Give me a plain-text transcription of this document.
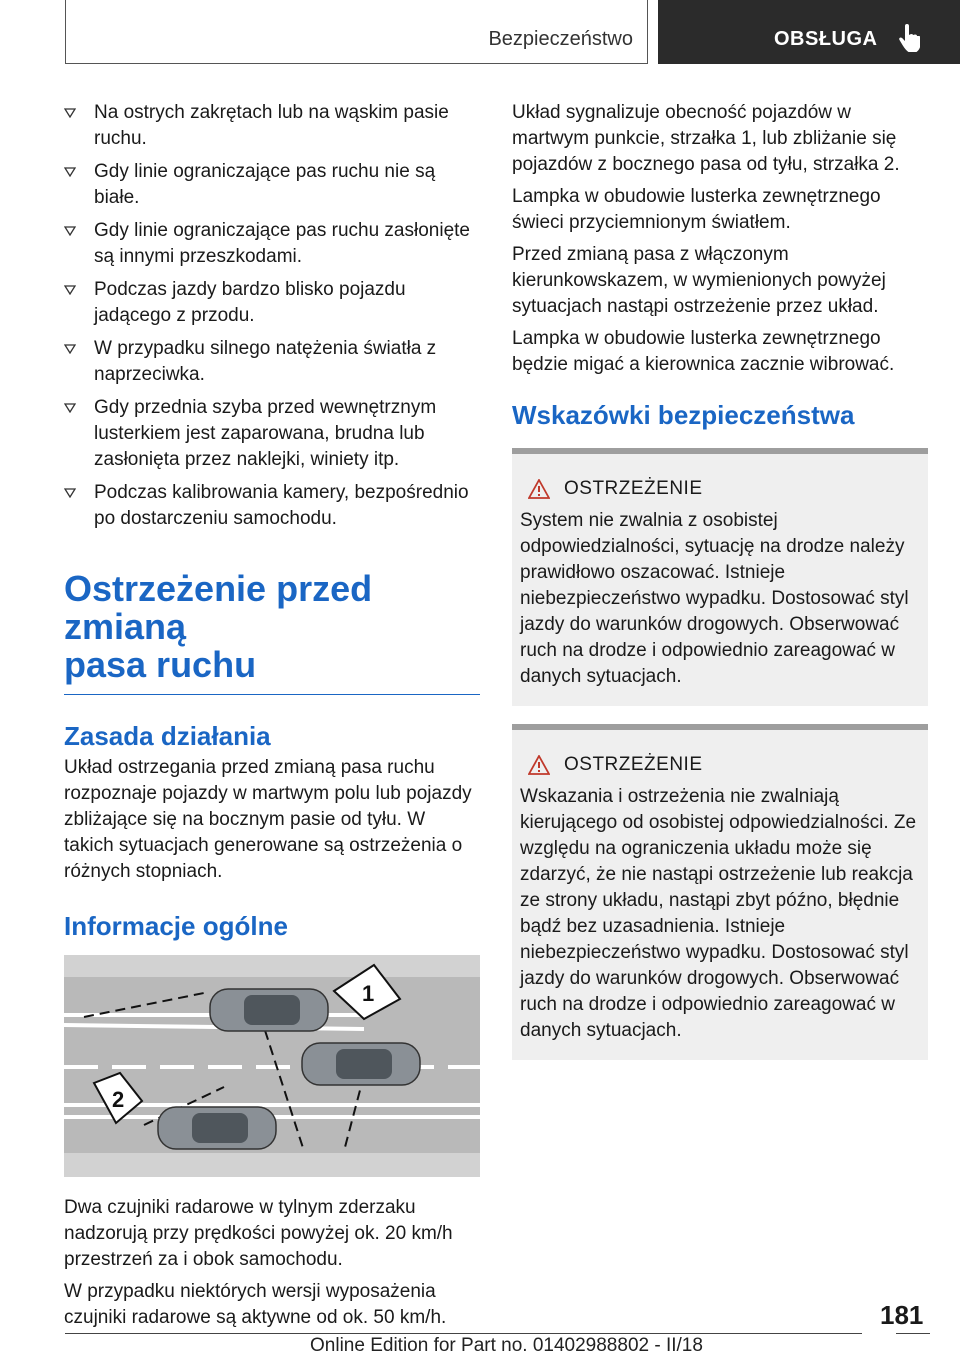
Bezpieczeństwo	OBSŁUGA
Na ostrych zakrętach lub na wąskim pasie ruchu.
Gdy linie ograniczające pas ruchu nie są białe.
Gdy linie ograniczające pas ruchu zasłonięte są innymi przeszkodami.
Podczas jazdy bardzo blisko pojazdu jadącego z przodu.
W przypadku silnego natężenia światła z naprzeciwka.
Gdy przednia szyba przed wewnętrznym lusterkiem jest zaparowana, brudna lub zasłonięta przez naklejki, winiety itp.
Podczas kalibrowania kamery, bezpośrednio po dostarczeniu samochodu.
Ostrzeżenie przed zmianą
pasa ruchu
Zasada działania

Układ ostrzegania przed zmianą pasa ruchu rozpoznaje pojazdy w martwym polu lub pojazdy zbliżające się na bocznym pasie od tyłu. W takich sytuacjach generowane są ostrzeżenia o różnych stopniach.

Informacje ogólne
1
2

Dwa czujniki radarowe w tylnym zderzaku nadzorują przy prędkości powyżej ok. 20 km/h przestrzeń za i obok samochodu.

W przypadku niektórych wersji wyposażenia czujniki radarowe są aktywne od ok. 50 km/h.

Układ sygnalizuje obecność pojazdów w martwym punkcie, strzałka 1, lub zbliżanie się pojazdów z bocznego pasa od tyłu, strzałka 2.

Lampka w obudowie lusterka zewnętrznego świeci przyciemnionym światłem.

Przed zmianą pasa z włączonym kierunkowskazem, w wymienionych powyżej sytuacjach nastąpi ostrzeżenie przez układ.

Lampka w obudowie lusterka zewnętrznego będzie migać a kierownica zacznie wibrować.

Wskazówki bezpieczeństwa
OSTRZEŻENIE

System nie zwalnia z osobistej odpowiedzialności, sytuację na drodze należy prawidłowo oszacować. Istnieje niebezpieczeństwo wypadku. Dostosować styl jazdy do warunków drogowych. Obserwować ruch na drodze i odpowiednio zareagować w danych sytuacjach.

OSTRZEŻENIE

Wskazania i ostrzeżenia nie zwalniają kierującego od osobistej odpowiedzialności. Ze względu na ograniczenia układu może się zdarzyć, że nie nastąpi ostrzeżenie lub reakcja ze strony układu, nastąpi zbyt późno, błędnie bądź bez uzasadnienia. Istnieje niebezpieczeństwo wypadku. Dostosować styl jazdy do warunków drogowych. Obserwować ruch na drodze i odpowiednio zareagować w danych sytuacjach.

181
Online Edition for Part no. 01402988802 - II/18
